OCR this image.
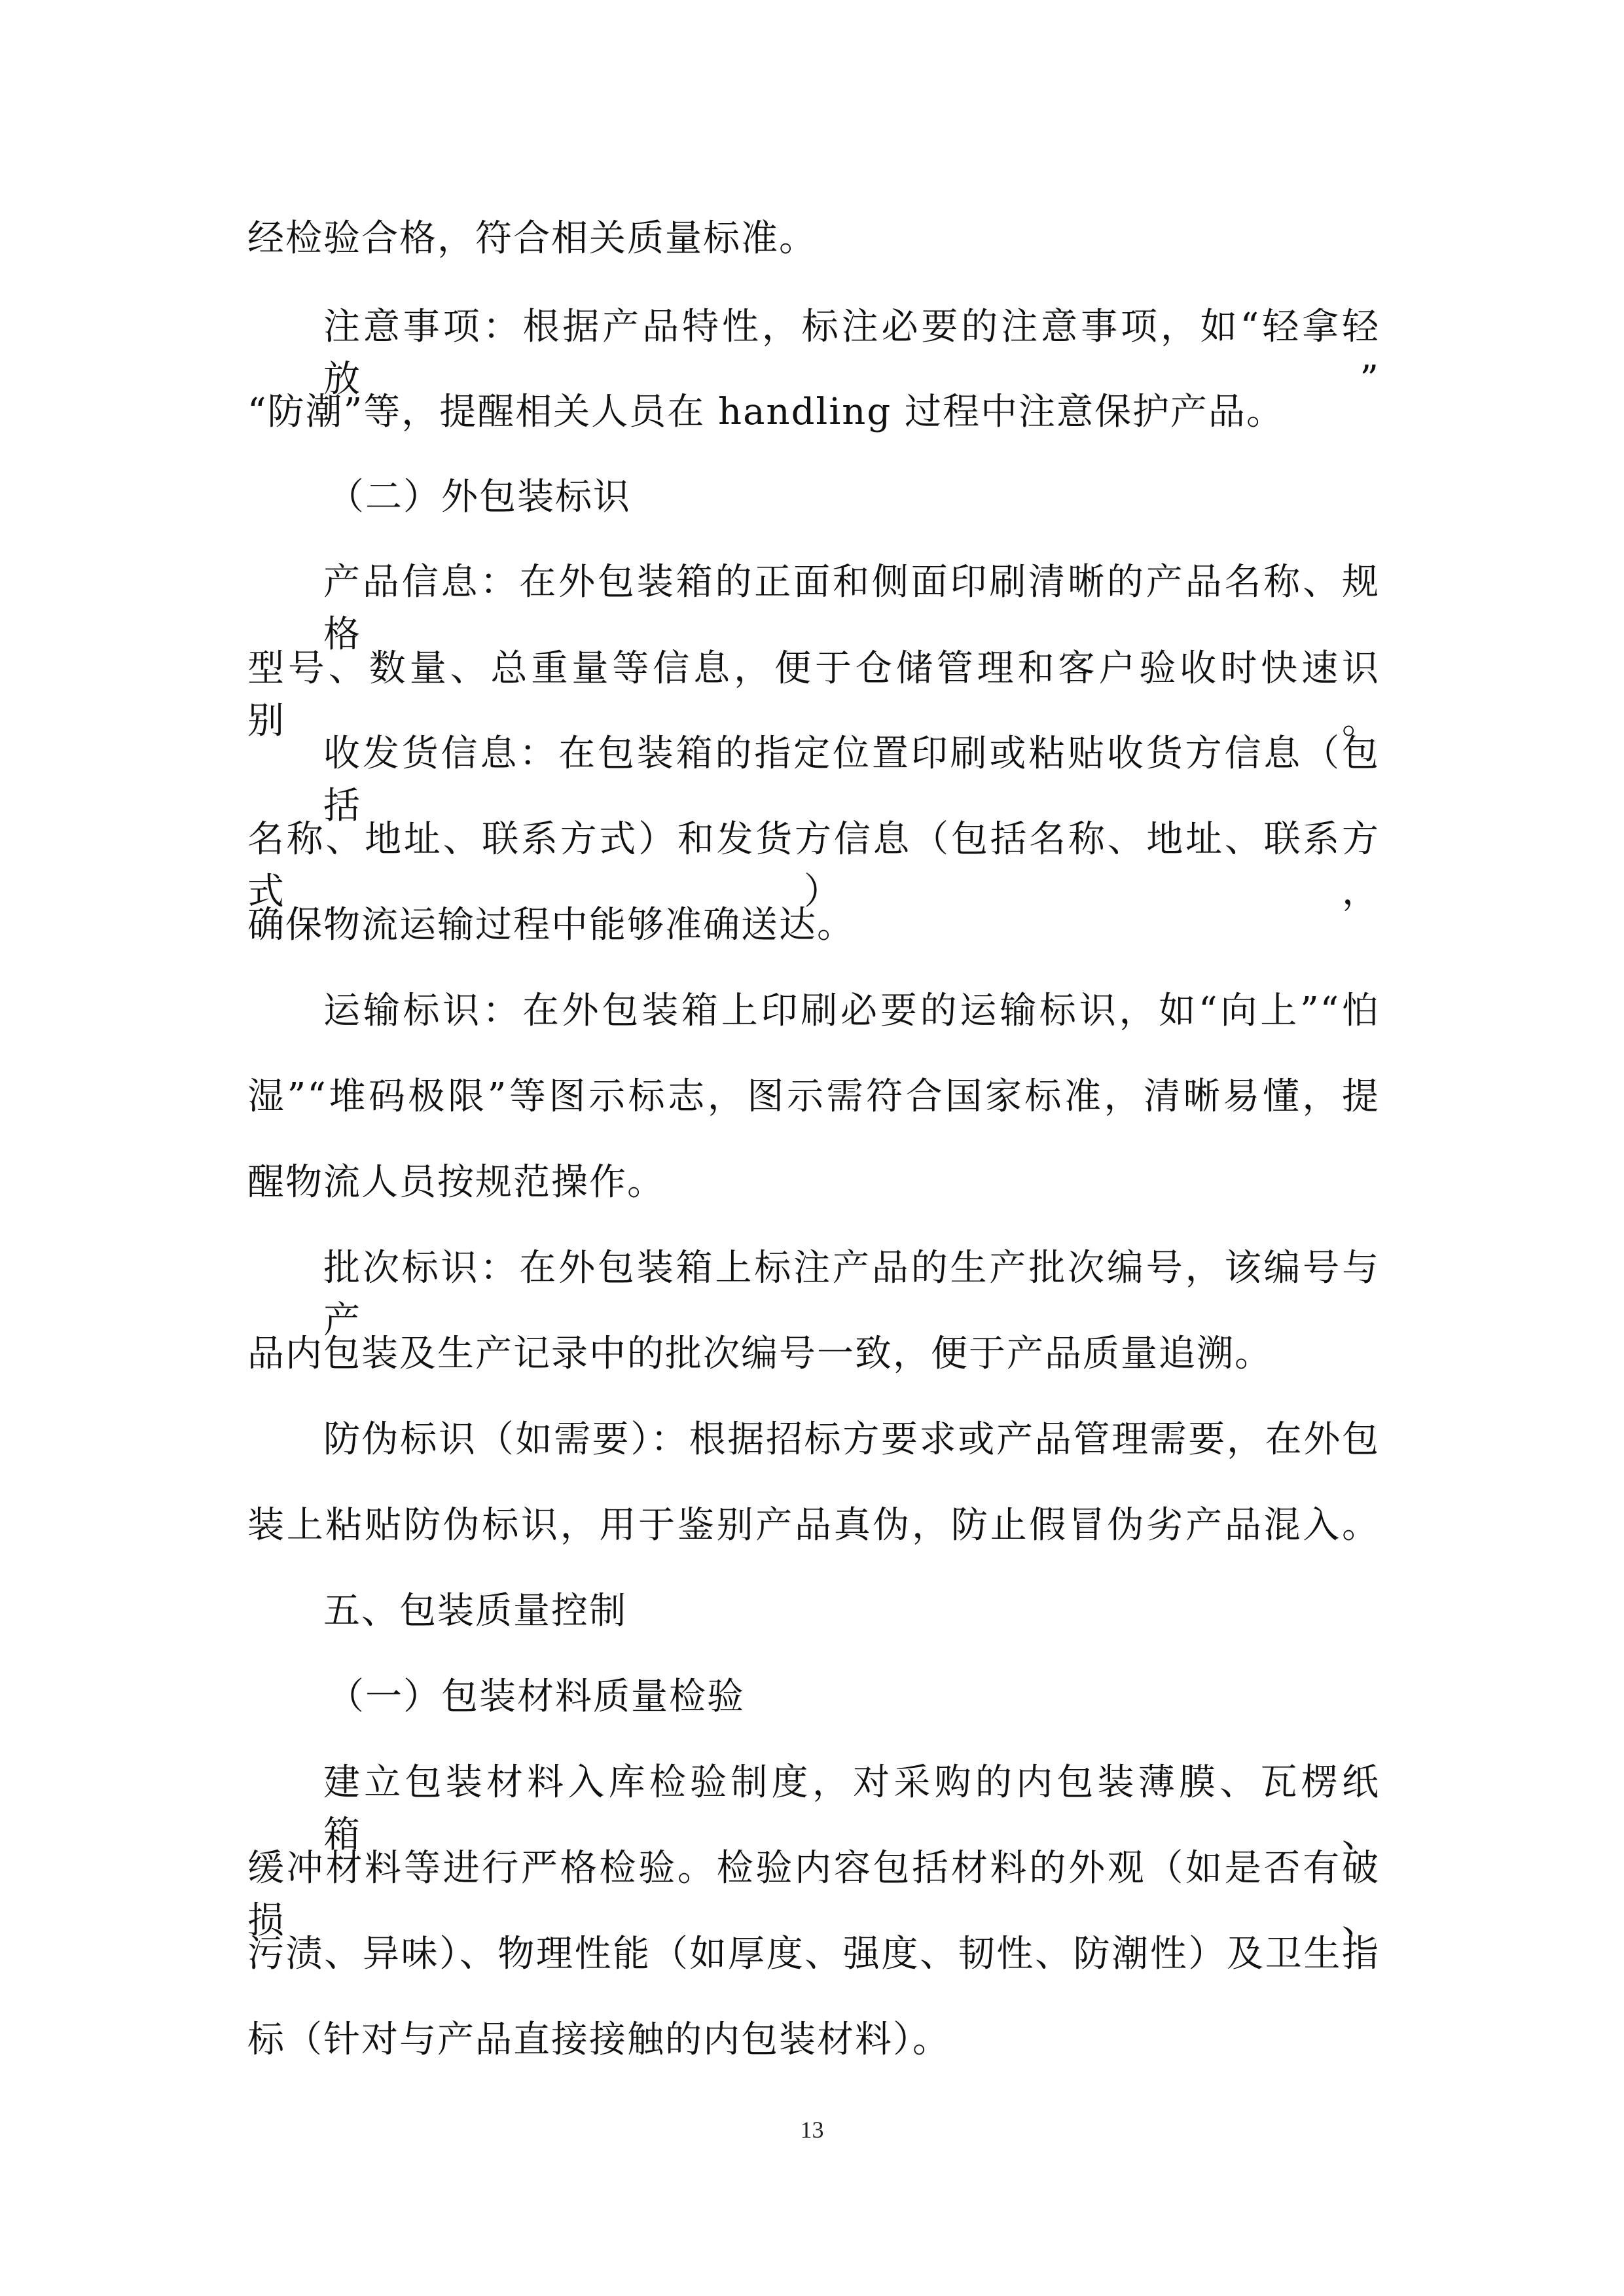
经检验合格，符合相关质量标准。
注意事项：根据产品特性，标注必要的注意事项，如“轻拿轻放”
“防潮”等，提醒相关人员在 handling 过程中注意保护产品。
（二）外包装标识
产品信息：在外包装箱的正面和侧面印刷清晰的产品名称、规格
型号、数量、总重量等信息，便于仓储管理和客户验收时快速识别。
收发货信息：在包装箱的指定位置印刷或粘贴收货方信息（包括
名称、地址、联系方式）和发货方信息（包括名称、地址、联系方式），
确保物流运输过程中能够准确送达。
运输标识：在外包装箱上印刷必要的运输标识，如“向上”“怕
湿”“堆码极限”等图示标志，图示需符合国家标准，清晰易懂，提
醒物流人员按规范操作。
批次标识：在外包装箱上标注产品的生产批次编号，该编号与产
品内包装及生产记录中的批次编号一致，便于产品质量追溯。
防伪标识（如需要）：根据招标方要求或产品管理需要，在外包
装上粘贴防伪标识，用于鉴别产品真伪，防止假冒伪劣产品混入。
五、包装质量控制
（一）包装材料质量检验
建立包装材料入库检验制度，对采购的内包装薄膜、瓦楞纸箱、
缓冲材料等进行严格检验。检验内容包括材料的外观（如是否有破损、
污渍、异味）、物理性能（如厚度、强度、韧性、防潮性）及卫生指
标（针对与产品直接接触的内包装材料）。
13
